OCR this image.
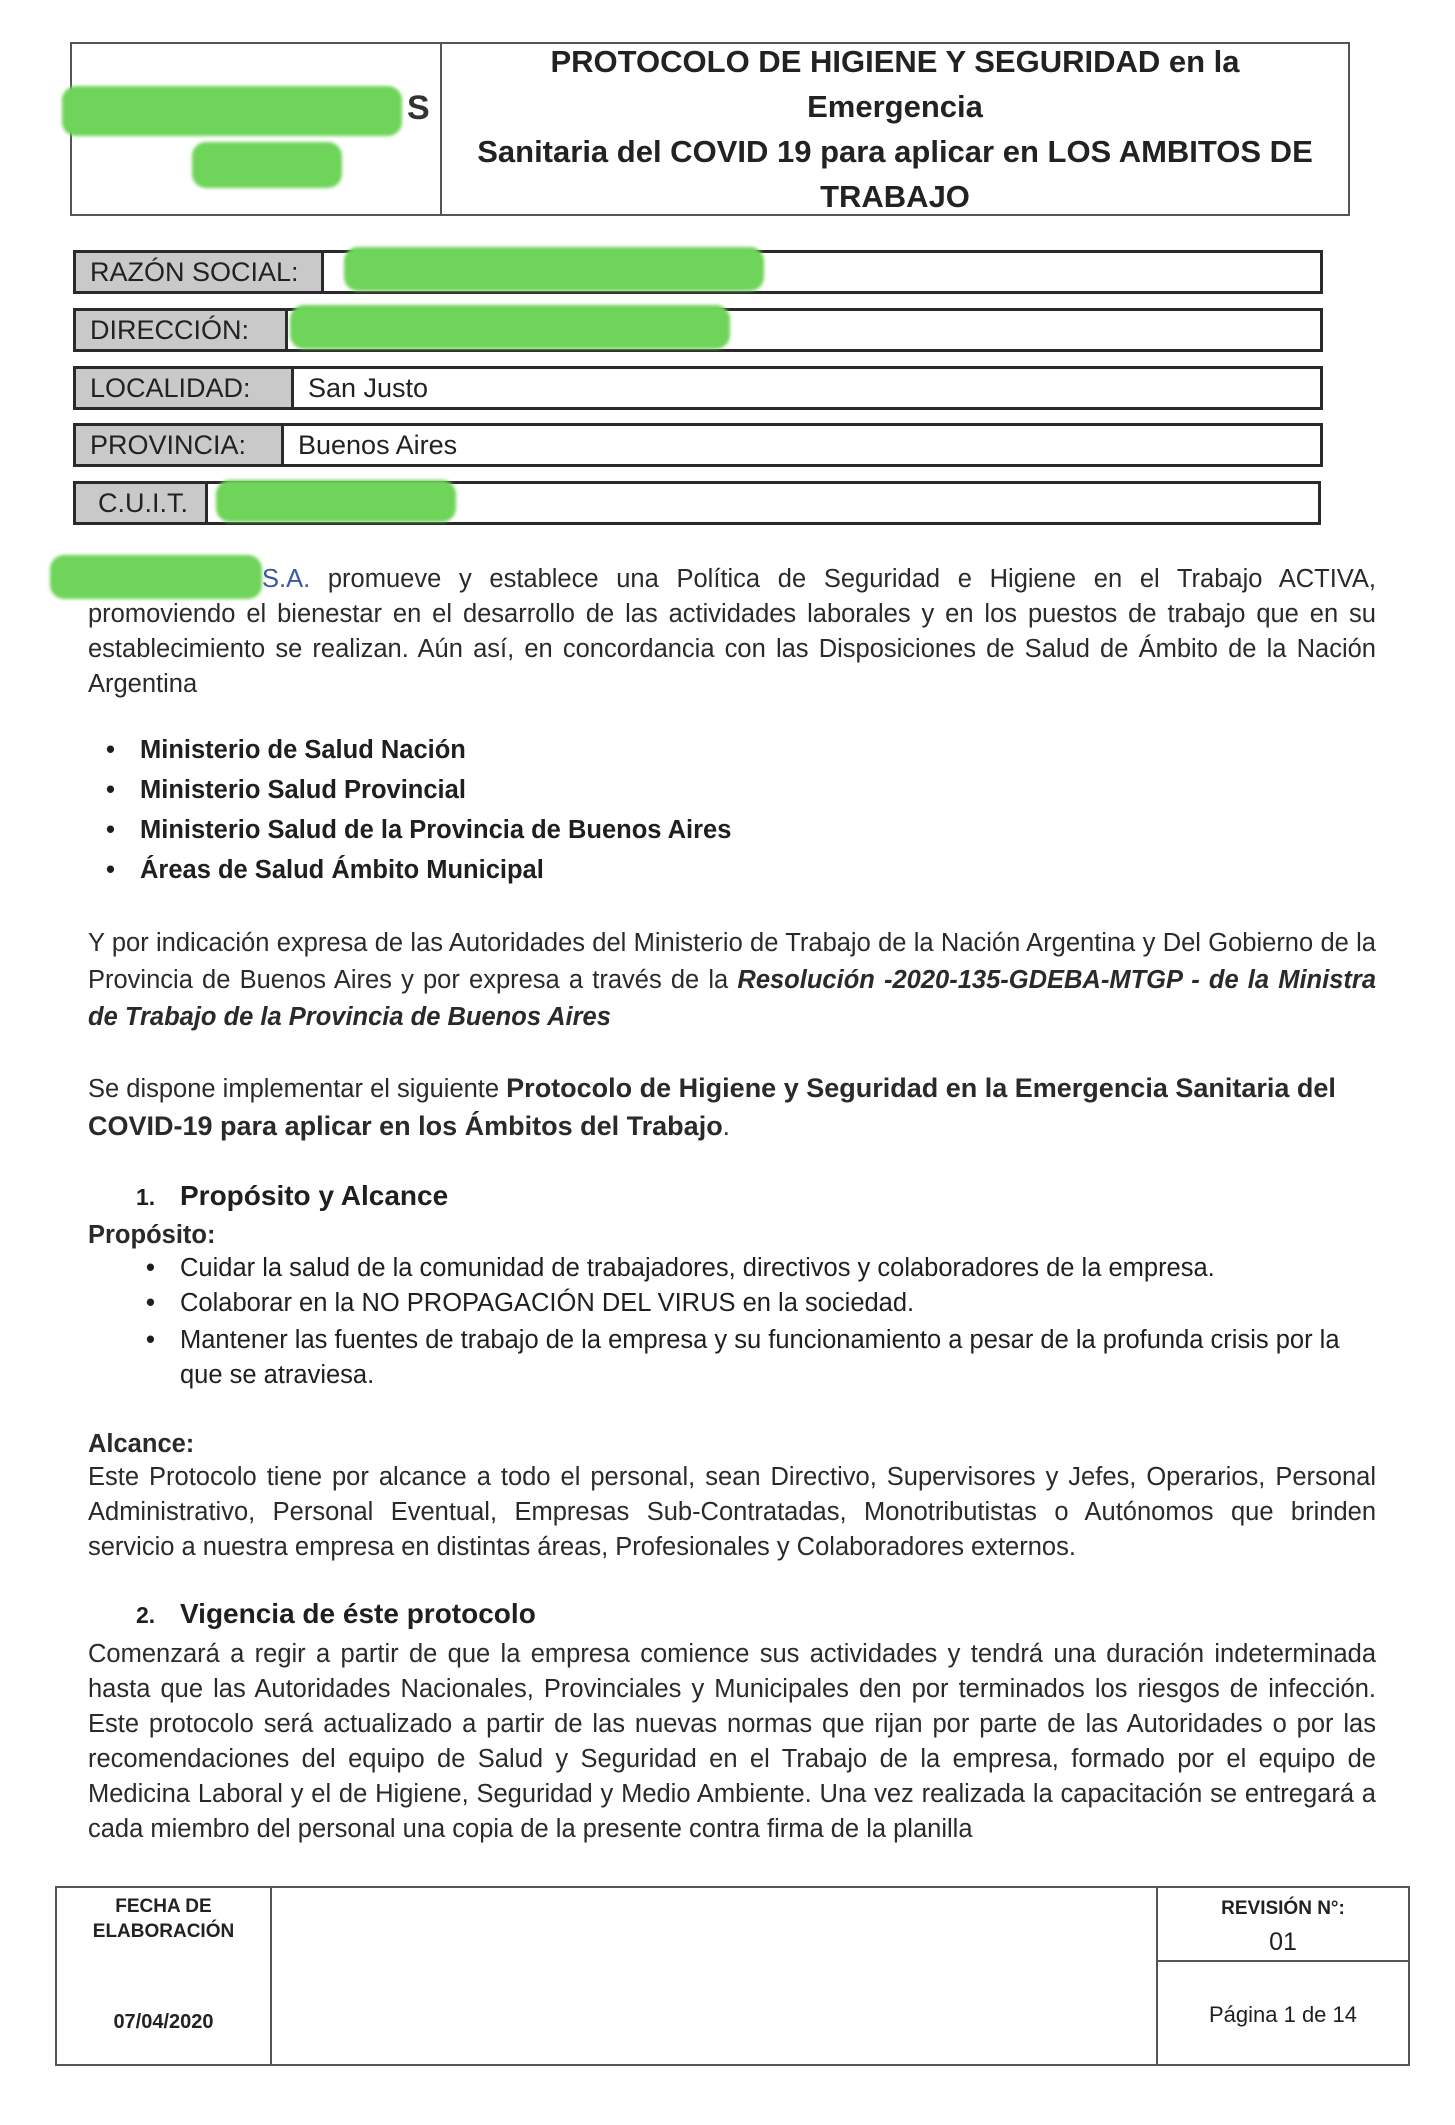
S

PROTOCOLO DE HIGIENE Y SEGURIDAD en la Emergencia
Sanitaria del COVID 19 para aplicar en LOS AMBITOS DE
TRABAJO

RAZÓN SOCIAL:
DIRECCIÓN:
LOCALIDAD:	San Justo
PROVINCIA:	Buenos Aires
C.U.I.T.

S.A. promueve y establece una Política de Seguridad e Higiene en el Trabajo ACTIVA, promoviendo el bienestar en el desarrollo de las actividades laborales y en los puestos de trabajo que en su establecimiento se realizan. Aún así, en concordancia con las Disposiciones de Salud de Ámbito de la Nación Argentina

• Ministerio de Salud Nación
• Ministerio Salud Provincial
• Ministerio Salud de la Provincia de Buenos Aires
• Áreas de Salud Ámbito Municipal

Y por indicación expresa de las Autoridades del Ministerio de Trabajo de la Nación Argentina y Del Gobierno de la Provincia de Buenos Aires y por expresa a través de la Resolución -2020-135-GDEBA-MTGP - de la Ministra de Trabajo de la Provincia de Buenos Aires

Se dispone implementar el siguiente Protocolo de Higiene y Seguridad en la Emergencia Sanitaria del COVID-19 para aplicar en los Ámbitos del Trabajo.

1. Propósito y Alcance
Propósito:
• Cuidar la salud de la comunidad de trabajadores, directivos y colaboradores de la empresa.
• Colaborar en la NO PROPAGACIÓN DEL VIRUS en la sociedad.
• Mantener las fuentes de trabajo de la empresa y su funcionamiento a pesar de la profunda crisis por la que se atraviesa.
Alcance:

Este Protocolo tiene por alcance a todo el personal, sean Directivo, Supervisores y Jefes, Operarios, Personal Administrativo, Personal Eventual, Empresas Sub-Contratadas, Monotributistas o Autónomos que brinden servicio a nuestra empresa en distintas áreas, Profesionales y Colaboradores externos.

2. Vigencia de éste protocolo

Comenzará a regir a partir de que la empresa comience sus actividades y tendrá una duración indeterminada hasta que las Autoridades Nacionales, Provinciales y Municipales den por terminados los riesgos de infección. Este protocolo será actualizado a partir de las nuevas normas que rijan por parte de las Autoridades o por las recomendaciones del equipo de Salud y Seguridad en el Trabajo de la empresa, formado por el equipo de Medicina Laboral y el de Higiene, Seguridad y Medio Ambiente. Una vez realizada la capacitación se entregará a cada miembro del personal una copia de la presente contra firma de la planilla

FECHA DE
ELABORACIÓN
07/04/2020
REVISIÓN N°:
01
Página 1 de 14
